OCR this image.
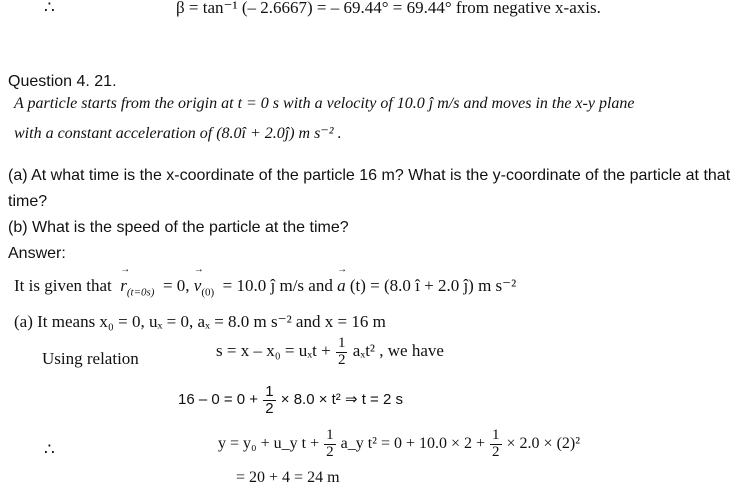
∴	β = tan⁻¹ (– 2.6667) = – 69.44° = 69.44° from negative x-axis.
Question 4. 21.
A particle starts from the origin at t = 0 s with a velocity of 10.0 ĵ m/s and moves in the x-y plane
with a constant acceleration of (8.0î + 2.0ĵ) m s⁻² .
(a) At what time is the x-coordinate of the particle 16 m? What is the y-coordinate of the particle at that
time?
(b) What is the speed of the particle at the time?
Answer:
It is given that → $r_{(t=0s)} = 0$, → $v_{(0)} = 10.0$ ĵ m/s and → a (t) = (8.0 î + 2.0 ĵ) m s⁻²
(a) It means x₀ = 0, uₓ = 0, aₓ = 8.0 m s⁻² and x = 16 m
Using relation	$s = x - x_0 = u_xt + \frac{1}{2} a_xt^2$ , we have
$16 - 0 = 0 + \frac{1}{2} \times 8.0 \times t^2$ ⇒ t = 2 s
∴	y = y₀ + u_y $t + \frac{1}{2}$ a_y $t^2 = 0 + 10.0 \times 2 + \frac{1}{2} \times 2.0 \times (2)^2$
= 20 + 4 = 24 m
